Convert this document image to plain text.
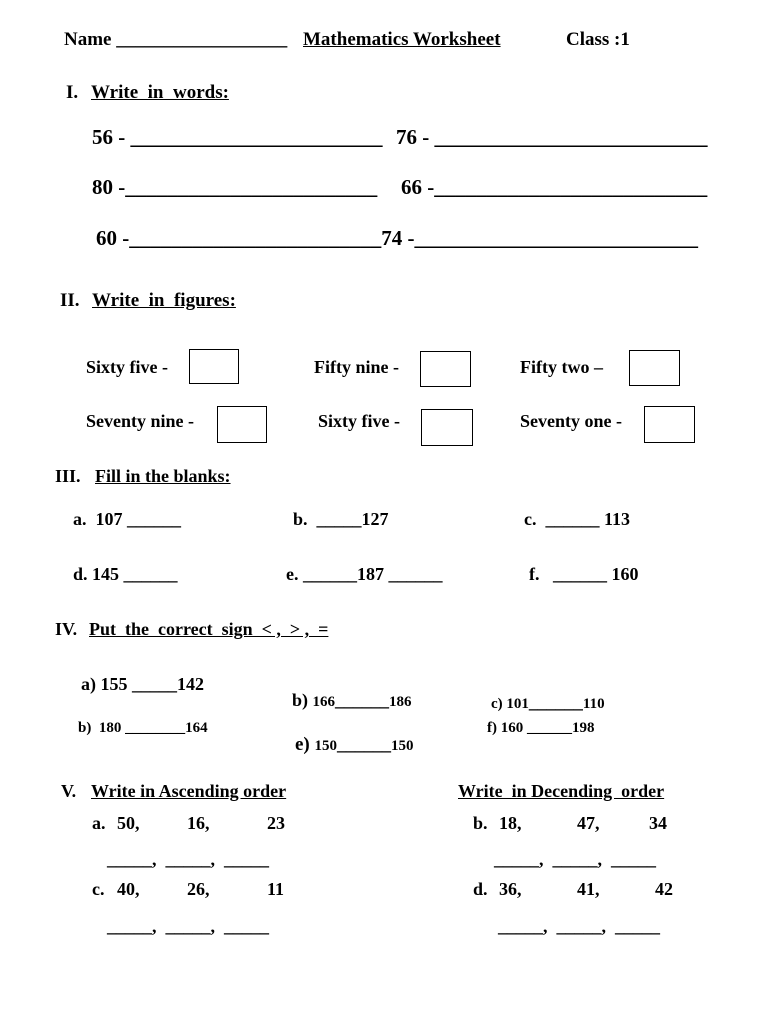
Name __________________ Mathematics Worksheet	Class :1
I. Write  in  words:
56 - ________________________ 76 - __________________________
80 -________________________ 66 -__________________________
60 -________________________74 -___________________________
II. Write  in  figures:
Sixty five -	Fifty nine -	Fifty two –
Seventy nine -	Sixty five -	Seventy one -
III. Fill in the blanks:
a.  107 ______	b.  _____127	c.  ______ 113
d. 145 ______	e. ______187 ______	f.   ______ 160
IV. Put  the  correct  sign  < ,  > ,  =
a) 155 _____142

b) 166______186	c) 101______110

b)  180 ________164

e) 150______150

f) 160 ______198
V. Write in Ascending order	Write  in Decending  order
a. 50,	16,	23
_____,  _____,  _____
b. 18,	47,	34
_____,  _____,  _____
c. 40,	26,	11
_____,  _____,  _____
d. 36,	41,	42
_____,  _____,  _____
